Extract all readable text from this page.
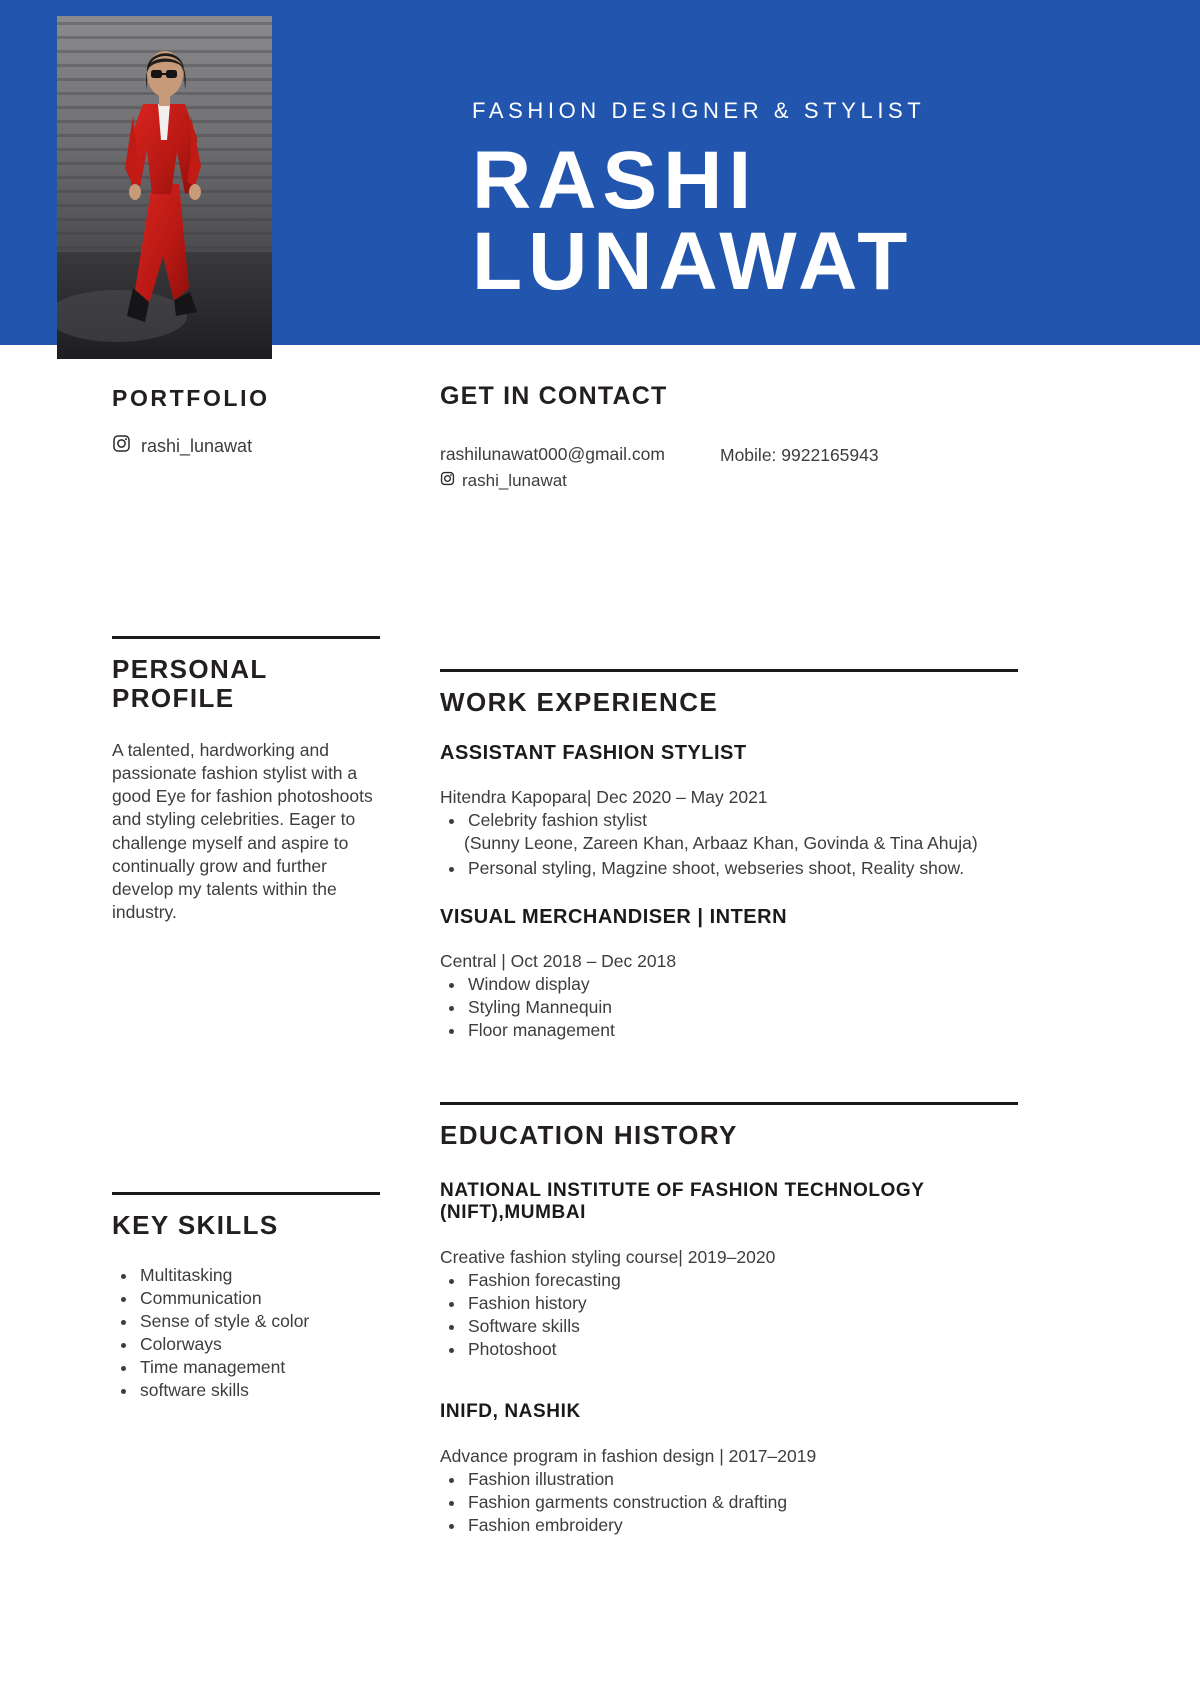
FASHION DESIGNER & STYLIST
RASHI
LUNAWAT
PORTFOLIO
rashi_lunawat
PERSONAL PROFILE

A talented, hardworking and passionate fashion stylist with a good Eye for fashion photoshoots and styling celebrities. Eager to challenge myself and aspire to continually grow and further develop my talents within the industry.

KEY SKILLS
• Multitasking
• Communication
• Sense of style & color
• Colorways
• Time management
• software skills
GET IN CONTACT
rashilunawat000@gmail.com
rashi_lunawat
Mobile: 9922165943
WORK EXPERIENCE
ASSISTANT FASHION STYLIST

Hitendra Kapopara| Dec 2020 – May 2021

• Celebrity fashion stylist
(Sunny Leone, Zareen Khan, Arbaaz Khan, Govinda & Tina Ahuja)
• Personal styling, Magzine shoot, webseries shoot, Reality show.
VISUAL MERCHANDISER | INTERN

Central | Oct 2018 – Dec 2018

• Window display
• Styling Mannequin
• Floor management
EDUCATION HISTORY
NATIONAL INSTITUTE OF FASHION TECHNOLOGY (NIFT),MUMBAI

Creative fashion styling course| 2019–2020

• Fashion forecasting
• Fashion history
• Software skills
• Photoshoot
INIFD, NASHIK

Advance program in fashion design | 2017–2019

• Fashion illustration
• Fashion garments construction & drafting
• Fashion embroidery
